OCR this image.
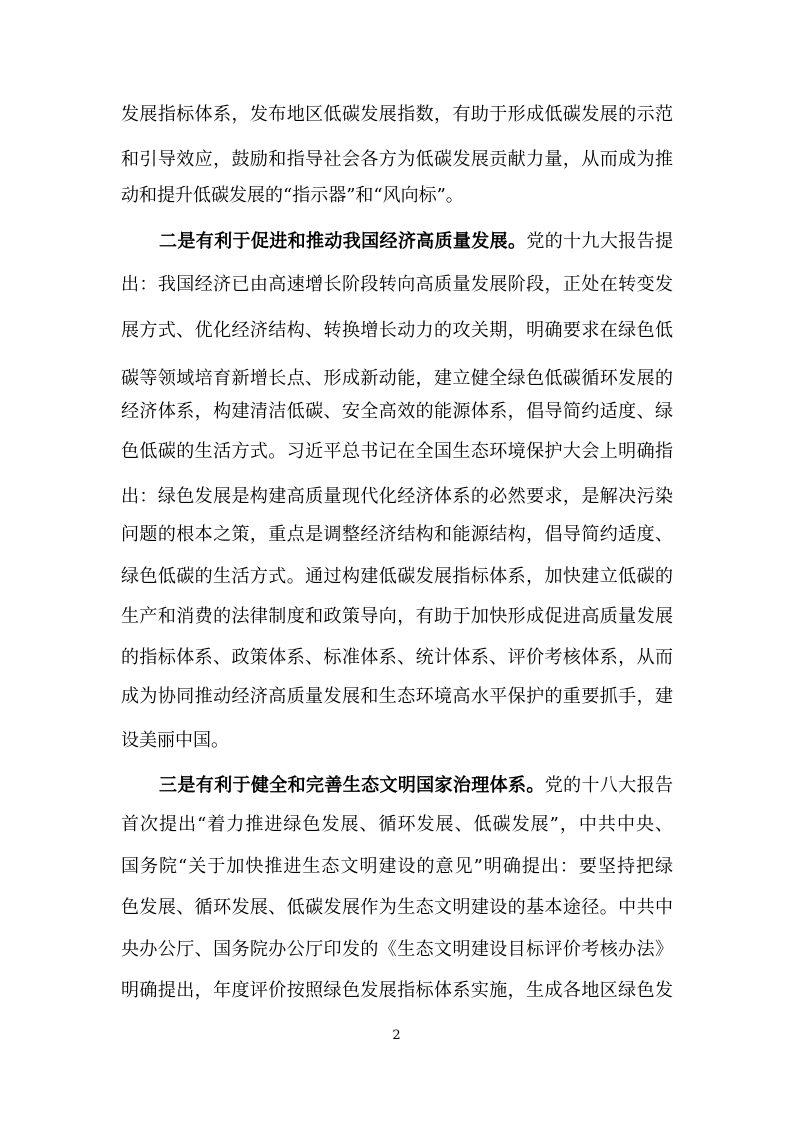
发展指标体系，发布地区低碳发展指数，有助于形成低碳发展的示范
和引导效应，鼓励和指导社会各方为低碳发展贡献力量，从而成为推
动和提升低碳发展的“指示器”和“风向标”。
二是有利于促进和推动我国经济高质量发展。党的十九大报告提
出：我国经济已由高速增长阶段转向高质量发展阶段，正处在转变发
展方式、优化经济结构、转换增长动力的攻关期，明确要求在绿色低
碳等领域培育新增长点、形成新动能，建立健全绿色低碳循环发展的
经济体系，构建清洁低碳、安全高效的能源体系，倡导简约适度、绿
色低碳的生活方式。习近平总书记在全国生态环境保护大会上明确指
出：绿色发展是构建高质量现代化经济体系的必然要求，是解决污染
问题的根本之策，重点是调整经济结构和能源结构，倡导简约适度、
绿色低碳的生活方式。通过构建低碳发展指标体系，加快建立低碳的
生产和消费的法律制度和政策导向，有助于加快形成促进高质量发展
的指标体系、政策体系、标准体系、统计体系、评价考核体系，从而
成为协同推动经济高质量发展和生态环境高水平保护的重要抓手，建
设美丽中国。
三是有利于健全和完善生态文明国家治理体系。党的十八大报告
首次提出“着力推进绿色发展、循环发展、低碳发展”，中共中央、
国务院“关于加快推进生态文明建设的意见”明确提出：要坚持把绿
色发展、循环发展、低碳发展作为生态文明建设的基本途径。中共中
央办公厅、国务院办公厅印发的《生态文明建设目标评价考核办法》
明确提出，年度评价按照绿色发展指标体系实施，生成各地区绿色发
2
